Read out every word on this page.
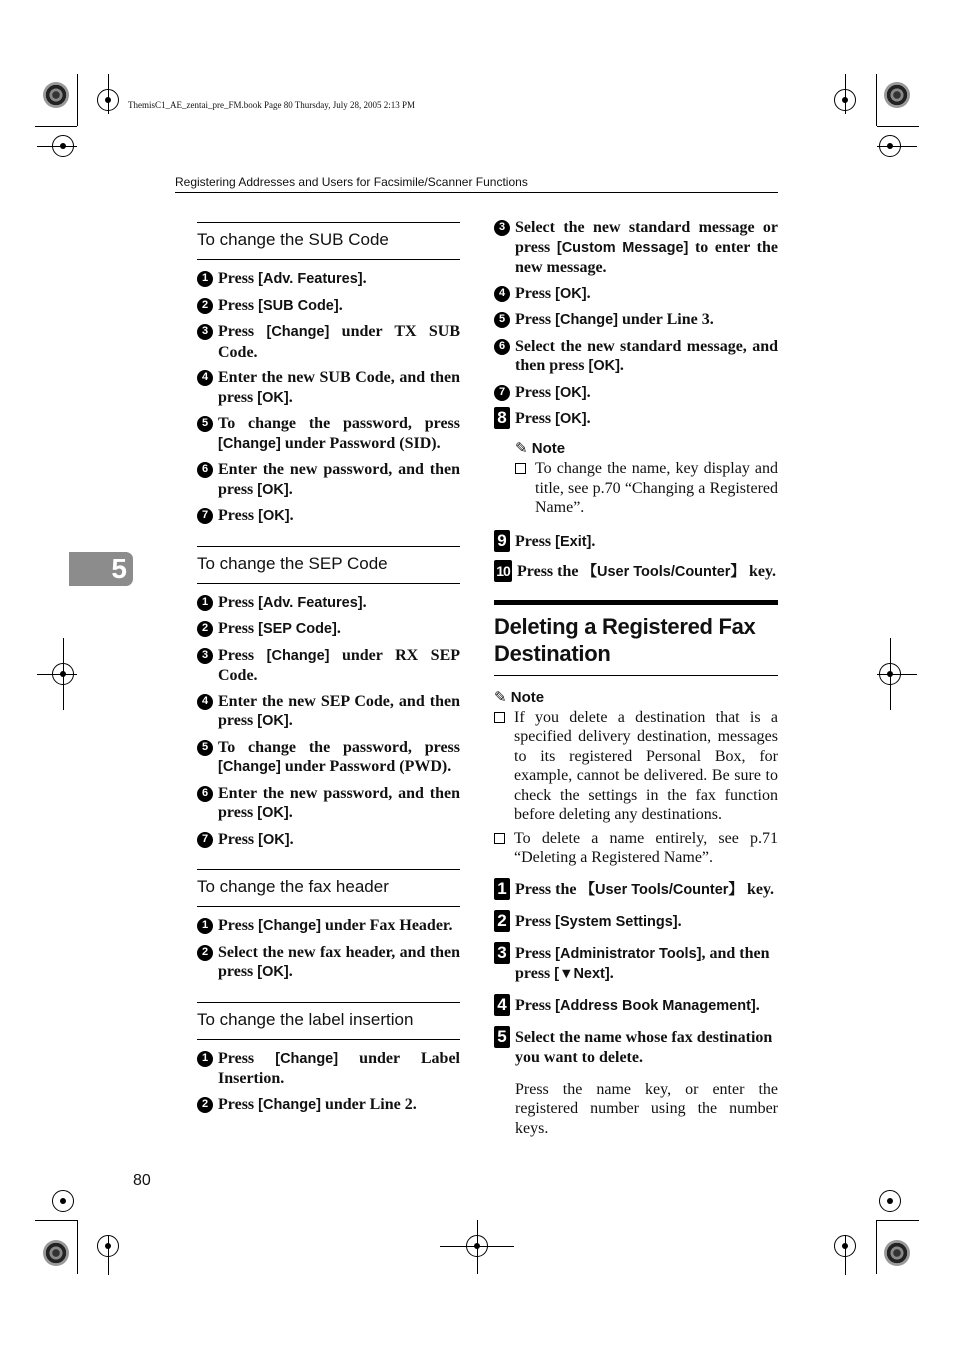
ThemisC1_AE_zentai_pre_FM.book Page 80 Thursday, July 28, 2005 2:13 PM
Registering Addresses and Users for Facsimile/Scanner Functions
5
80
To change the SUB Code
1 Press [Adv. Features].
2 Press [SUB Code].
3 Press [Change] under TX SUB Code.
4 Enter the new SUB Code, and then press [OK].
5 To change the password, press [Change] under Password (SID).
6 Enter the new password, and then press [OK].
7 Press [OK].
To change the SEP Code
1 Press [Adv. Features].
2 Press [SEP Code].
3 Press [Change] under RX SEP Code.
4 Enter the new SEP Code, and then press [OK].
5 To change the password, press [Change] under Password (PWD).
6 Enter the new password, and then press [OK].
7 Press [OK].
To change the fax header
1 Press [Change] under Fax Header.
2 Select the new fax header, and then press [OK].
To change the label insertion
1 Press [Change] under Label Insertion.
2 Press [Change] under Line 2.
3 Select the new standard message or press [Custom Message] to enter the new message.
4 Press [OK].
5 Press [Change] under Line 3.
6 Select the new standard message, and then press [OK].
7 Press [OK].
8 Press [OK].
✎ Note
To change the name, key display and title, see p.70 “Changing a Registered Name”.
9 Press [Exit].
10 Press the 【User Tools/Counter】 key.
Deleting a Registered Fax Destination
✎ Note
If you delete a destination that is a specified delivery destination, messages to its registered Personal Box, for example, cannot be delivered. Be sure to check the settings in the fax function before deleting any destinations.
To delete a name entirely, see p.71 “Deleting a Registered Name”.
1 Press the 【User Tools/Counter】 key.
2 Press [System Settings].
3 Press [Administrator Tools], and then press [▼Next].
4 Press [Address Book Management].
5 Select the name whose fax destination you want to delete.
Press the name key, or enter the registered number using the number keys.
